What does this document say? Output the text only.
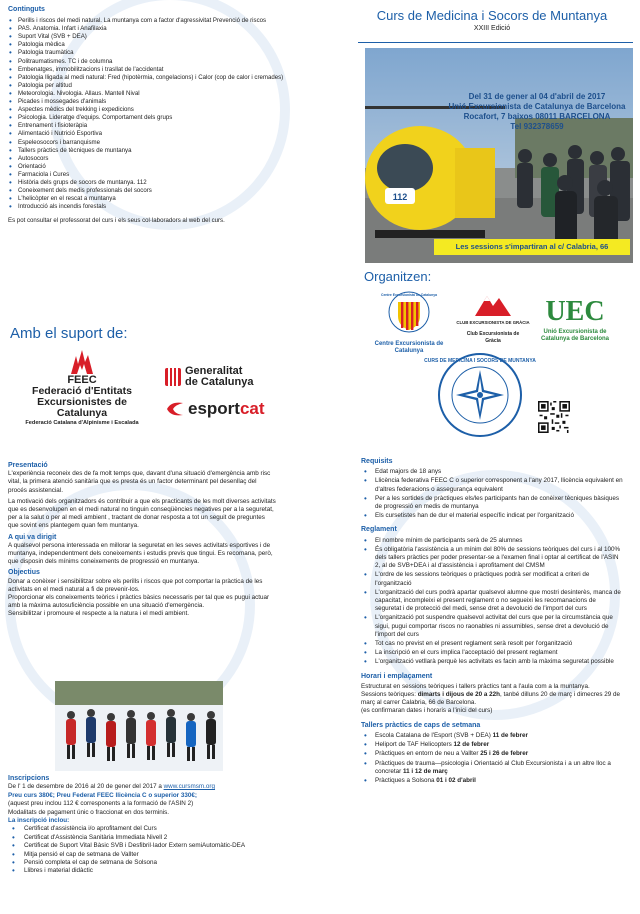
Continguts
• Perills i riscos del medi natural. La muntanya com a factor d'agressivitat Prevenció de riscos
• PAS. Anatomia. Infart i Anafilaxia
• Suport Vital (SVB + DEA)
• Patologia mèdica
• Patologia traumàtica
• Politraumatismes. TC i de columna
• Embenatges, immobilitzacions i trasllat de l'accidentat
• Patologia lligada al medi natural: Fred (hipotèrmia, congelacions) i Calor (cop de calor i cremades)
• Patologia per altitud
• Meteorologia. Nivologia. Allaus. Mantell Nival
• Picades i mossegades d'animals
• Aspectes mèdics del trekking i expedicions
• Psicologia. Lideratge d'equips. Comportament dels grups
• Entrenament i fisioteràpia
• Alimentació i Nutrició Esportiva
• Espeleosocors i barranquisme
• Tallers pràctics de tècniques de muntanya
• Autosocors
• Orientació
• Farmaciola i Cures
• Història dels grups de socors de muntanya. 112
• Coneixement dels medis professionals del socors
• L'helicòpter en el rescat a muntanya
• Introducció als incendis forestals

Es pot consultar el professorat del curs i els seus col·laboradors al web del curs.

Amb el suport de:
FEEC
Federació d'Entitats
Excursionistes de Catalunya
Federació Catalana d'Alpinisme i Escalada
Generalitat
de Catalunya
esportcat
Curs de Medicina i Socors de Muntanya
XXIII Edició
112
Del 31 de gener al 04 d'abril de 2017
Unió Excursionista de Catalunya de Barcelona
Rocafort, 7 baixos 08011 BARCELONA
Tel 932378659
Les sessions s'impartiran al c/ Calabria, 66
Organitzen:
Centre Excursionista de Catalunya
Centre Excursionista de Catalunya
CLUB EXCURSIONISTA DE GRÀCIA
Club Excursionista de Gràcia
UEC
Unió Excursionista de Catalunya de Barcelona
CURS DE MEDICINA I SOCORS DE MUNTANYA
Presentació

L'experiència reconeix des de fa molt temps que, davant d'una situació d'emergència amb risc vital, la primera atenció sanitària que es presta és un factor determinant pel desenllaç del procés assistencial.

La motivació dels organitzadors és contribuir a que els practicants de les molt diverses activitats que es desenvolupen en el medi natural no tinguin conseqüències negatives per a la seguretat, per a la salut o per al medi ambient , tractant de donar resposta a tot un seguit de preguntes que sovint ens plantegem quan fem muntanya.

A qui va dirigit

A qualsevol persona interessada en millorar la seguretat en les seves activitats esportives i de muntanya, independentment dels coneixements i estudis previs que tingui. Es recomana, però, que disposin dels mínims coneixements de progressió en muntanya.

Objectius

Donar a conèixer i sensibilitzar sobre els perills i riscos que pot comportar la pràctica de les activitats en el medi natural a fi de prevenir-los.

Proporcionar els coneixements teòrics i pràctics bàsics necessaris per tal que es pugui actuar amb la màxima autosuficiència possible en una situació d'emergència.

Sensibilitzar i promoure el respecte a la natura i el medi ambient.

Inscripcions

De l' 1 de desembre de 2016 al 20 de gener del 2017 a www.cursmsm.org

Preu curs 380€; Preu Federat FEEC llicència C o superior 330€;

(aquest preu inclou 112 € corresponents a la formació de l'ASIN 2)

Modalitats de pagament únic o fraccionat en dos terminis.

La inscripció inclou:

• Certificat d'assistència i/o aprofitament del Curs
• Certificat d'Assistència Sanitària Immediata Nivell 2
• Certificat de Suport Vital Bàsic SVB i Desfibril·lador Extern semiAutomàtic-DEA
• Mitja pensió el cap de setmana de Vallter
• Pensió completa el cap de setmana de Solsona
• Llibres i material didàctic
Requisits
• Edat majors de 18 anys
• Llicència federativa FEEC C o superior corresponent a l'any 2017, llicència equivalent en d'altres federacions o assegurança equivalent
• Per a les sortides de pràctiques els/les participants han de conèixer tècniques bàsiques de progressió en medis de muntanya
• Els cursetistes han de dur el material específic indicat per l'organització
Reglament
• El nombre mínim de participants serà de 25 alumnes
• És obligatòria l'assistència a un mínim del 80% de sessions teòriques del curs i al 100% dels tallers pràctics per poder presentar-se a l'examen final i optar al certificat de l'ASIN 2, al de SVB+DEA i al d'assistència i aprofitament del CMSM
• L'ordre de les sessions teòriques o pràctiques podrà ser modificat a criteri de l'organització
• L'organització del curs podrà apartar qualsevol alumne que mostri desinterès, manca de capacitat, incompleixi el present reglament o no segueixi les recomanacions de seguretat i de protecció del medi, sense dret a devolució de l'import del curs
• L'organització pot suspendre qualsevol activitat del curs que per la circumstància que sigui, pugui comportar riscos no raonables ni assumibles, sense dret a devolució de l'import del curs
• Tot cas no previst en el present reglament serà resolt per l'organització
• La inscripció en el curs implica l'acceptació del present reglament
• L'organització vetllarà perquè les activitats es facin amb la màxima seguretat possible
Horari i emplaçament

Estructurat en sessions teòriques i tallers pràctics tant a l'aula com a la muntanya.

Sessions teòriques: dimarts i dijous de 20 a 22h, tanbé dilluns 20 de març i dimecres 29 de març al carrer Calabria, 66 de Barcelona.

(es confirmaran dates i horaris a l'inici del curs)

Tallers pràctics de caps de setmana
• Escola Catalana de l'Esport (SVB + DEA) 11 de febrer
• Heliport de TAF Helicopters 12 de febrer
• Pràctiques en entorn de neu a Vallter 25 i 26 de febrer
• Pràctiques de trauma—psicologia i Orientació al Club Excursionista i a un altre lloc a concretar 11 i 12 de març
• Pràctiques a Solsona 01 i 02 d'abril
